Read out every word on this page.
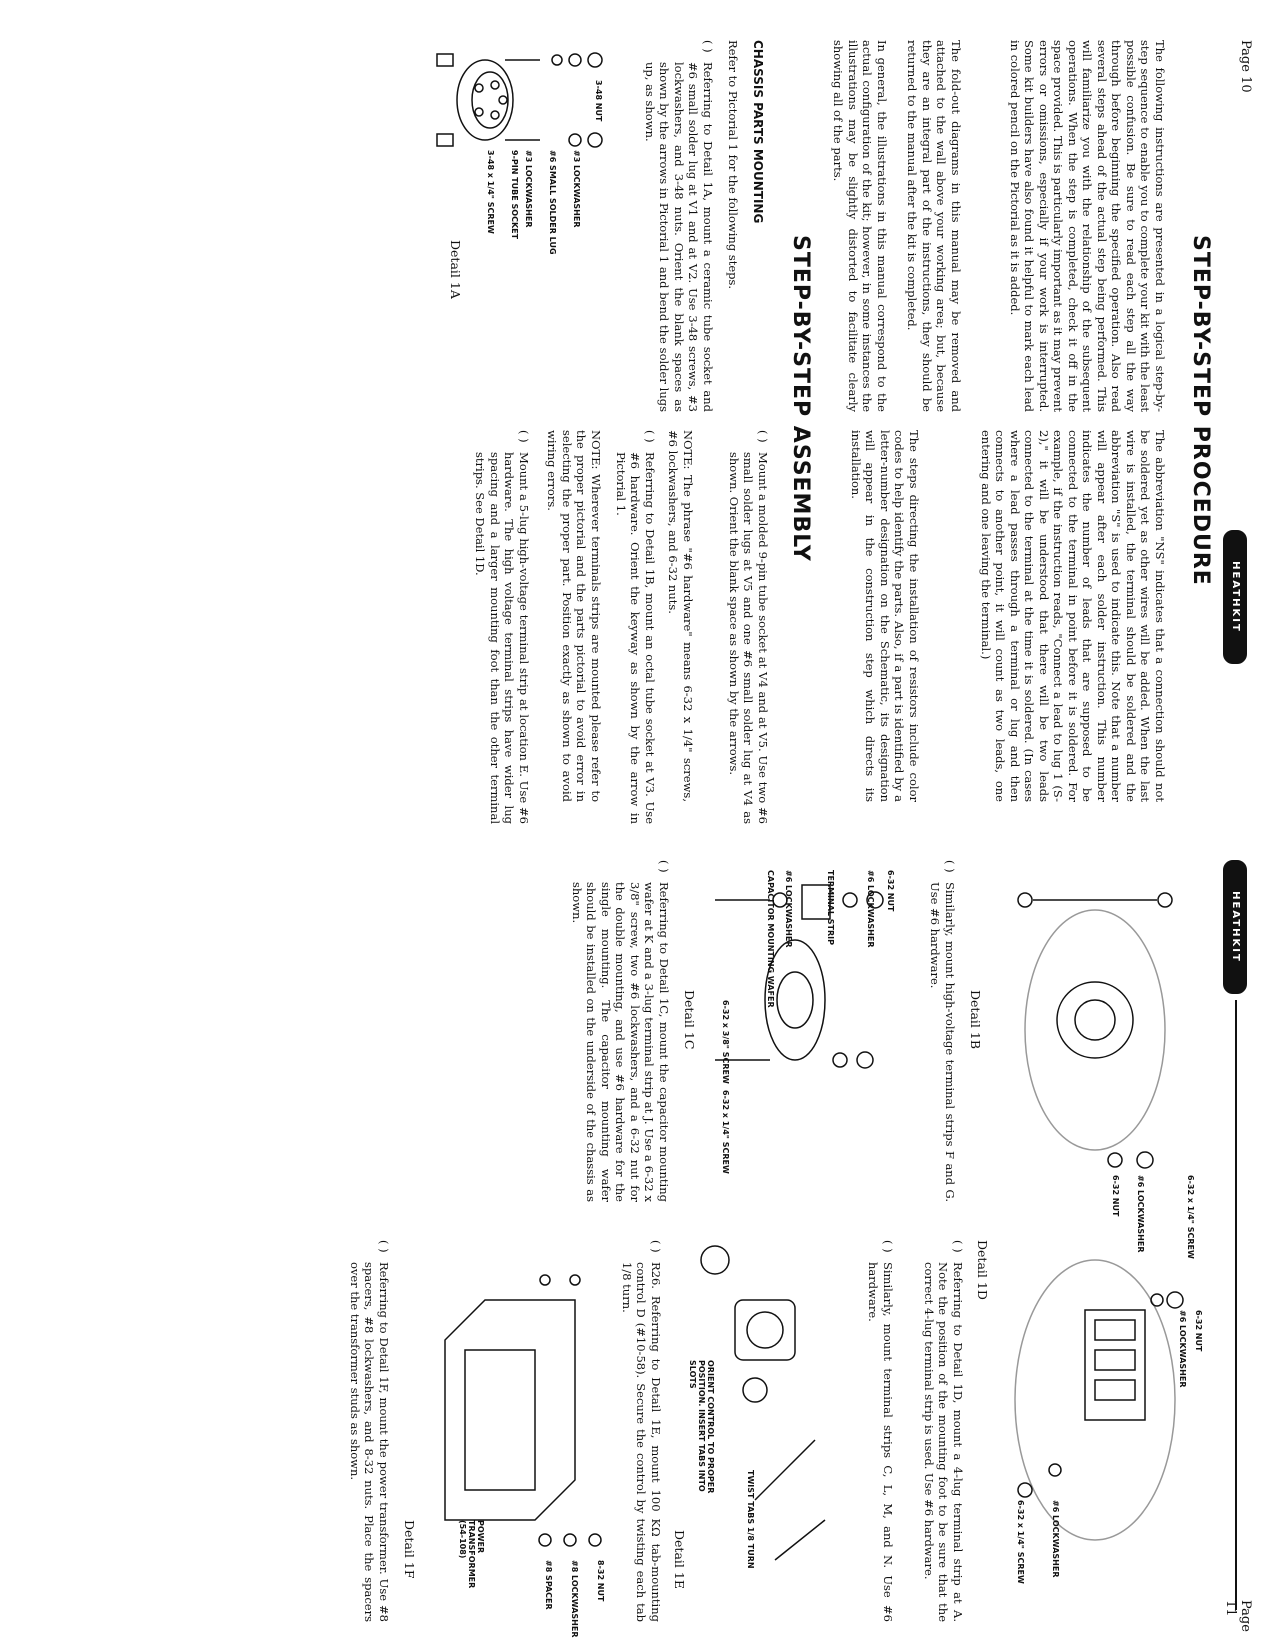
Page 10
HEATHKIT
STEP-BY-STEP PROCEDURE
The following instructions are presented in a logical step-by-step sequence to enable you to complete your kit with the least possible confusion. Be sure to read each step all the way through before beginning the specified operation. Also read several steps ahead of the actual step being performed. This will familiarize you with the relationship of the subsequent operations. When the step is completed, check it off in the space provided. This is particularly important as it may prevent errors or omissions, especially if your work is interrupted. Some kit builders have also found it helpful to mark each lead in colored pencil on the Pictorial as it is added.
The fold-out diagrams in this manual may be removed and attached to the wall above your working area; but, because they are an integral part of the instructions, they should be returned to the manual after the kit is completed.
In general, the illustrations in this manual correspond to the actual configuration of the kit; however, in some instances the illustrations may be slightly distorted to facilitate clearly showing all of the parts.
The abbreviation "NS" indicates that a connection should not be soldered yet as other wires will be added. When the last wire is installed, the terminal should be soldered and the abbreviation "S" is used to indicate this. Note that a number will appear after each solder instruction. This number indicates the number of leads that are supposed to be connected to the terminal in point before it is soldered. For example, if the instruction reads, "Connect a lead to lug 1 (S-2)," it will be understood that there will be two leads connected to the terminal at the time it is soldered. (In cases where a lead passes through a terminal or lug and then connects to another point, it will count as two leads, one entering and one leaving the terminal.)
The steps directing the installation of resistors include color codes to help identify the parts. Also, if a part is identified by a letter-number designation on the Schematic, its designation will appear in the construction step which directs its installation.
STEP-BY-STEP ASSEMBLY
CHASSIS PARTS MOUNTING
Refer to Pictorial 1 for the following steps.
( )
Referring to Detail 1A, mount a ceramic tube socket and #6 small solder lug at V1 and at V2. Use 3-48 screws, #3 lockwashers, and 3-48 nuts. Orient the blank spaces as shown by the arrows in Pictorial 1 and bend the solder lugs up, as shown.
3-48 NUT
#3 LOCKWASHER
#6 SMALL SOLDER LUG
#3 LOCKWASHER
9-PIN TUBE SOCKET
3-48 x 1/4" SCREW
Detail 1A
( )
Mount a molded 9-pin tube socket at V4 and at V5. Use two #6 small solder lugs at V5 and one #6 small solder lug at V4 as shown. Orient the blank space as shown by the arrows.
NOTE: The phrase "#6 hardware" means 6-32 x 1/4" screws, #6 lockwashers, and 6-32 nuts.
( )
Referring to Detail 1B, mount an octal tube socket at V3. Use #6 hardware. Orient the keyway as shown by the arrow in Pictorial 1.
NOTE: Wherever terminals strips are mounted please refer to the proper pictorial and the parts pictorial to avoid error in selecting the proper part. Position exactly as shown to avoid wiring errors.
( )
Mount a 5-lug high-voltage terminal strip at location E. Use #6 hardware. The high voltage terminal strips have wider lug spacing and a larger mounting foot than the other terminal strips. See Detail 1D.
HEATHKIT
Page 11
6-32 x 1/4" SCREW
#6 LOCKWASHER
6-32 NUT
Detail 1B
( )
Similarly, mount high-voltage terminal strips F and G. Use #6 hardware.
6-32 NUT
#6 LOCKWASHER
TERMINAL STRIP
#6 LOCKWASHER
CAPACITOR MOUNTING WAFER
6-32 x 3/8" SCREW
6-32 x 1/4" SCREW
Detail 1C
( )
Referring to Detail 1C, mount the capacitor mounting wafer at K and a 3-lug terminal strip at J. Use a 6-32 x 3/8" screw, two #6 lockwashers, and a 6-32 nut for the double mounting, and use #6 hardware for the single mounting. The capacitor mounting wafer should be installed on the underside of the chassis as shown.
6-32 NUT
#6 LOCKWASHER
#6 LOCKWASHER
6-32 x 1/4" SCREW
Detail 1D
( )
Referring to Detail 1D, mount a 4-lug terminal strip at A. Note the position of the mounting foot to be sure that the correct 4-lug terminal strip is used. Use #6 hardware.
( )
Similarly, mount terminal strips C, L, M, and N. Use #6 hardware.
TWIST TABS 1/8 TURN
ORIENT CONTROL TO PROPER POSITION. INSERT TABS INTO SLOTS
Detail 1E
( )
R26. Referring to Detail 1E, mount 100 KΩ tab-mounting control D (#10-58). Secure the control by twisting each tab 1/8 turn.
8-32 NUT
#8 LOCKWASHER
#8 SPACER
POWER TRANSFORMER (54-108)
Detail 1F
( )
Referring to Detail 1F, mount the power transformer. Use #8 spacers, #8 lockwashers, and 8-32 nuts. Place the spacers over the transformer studs as shown.
